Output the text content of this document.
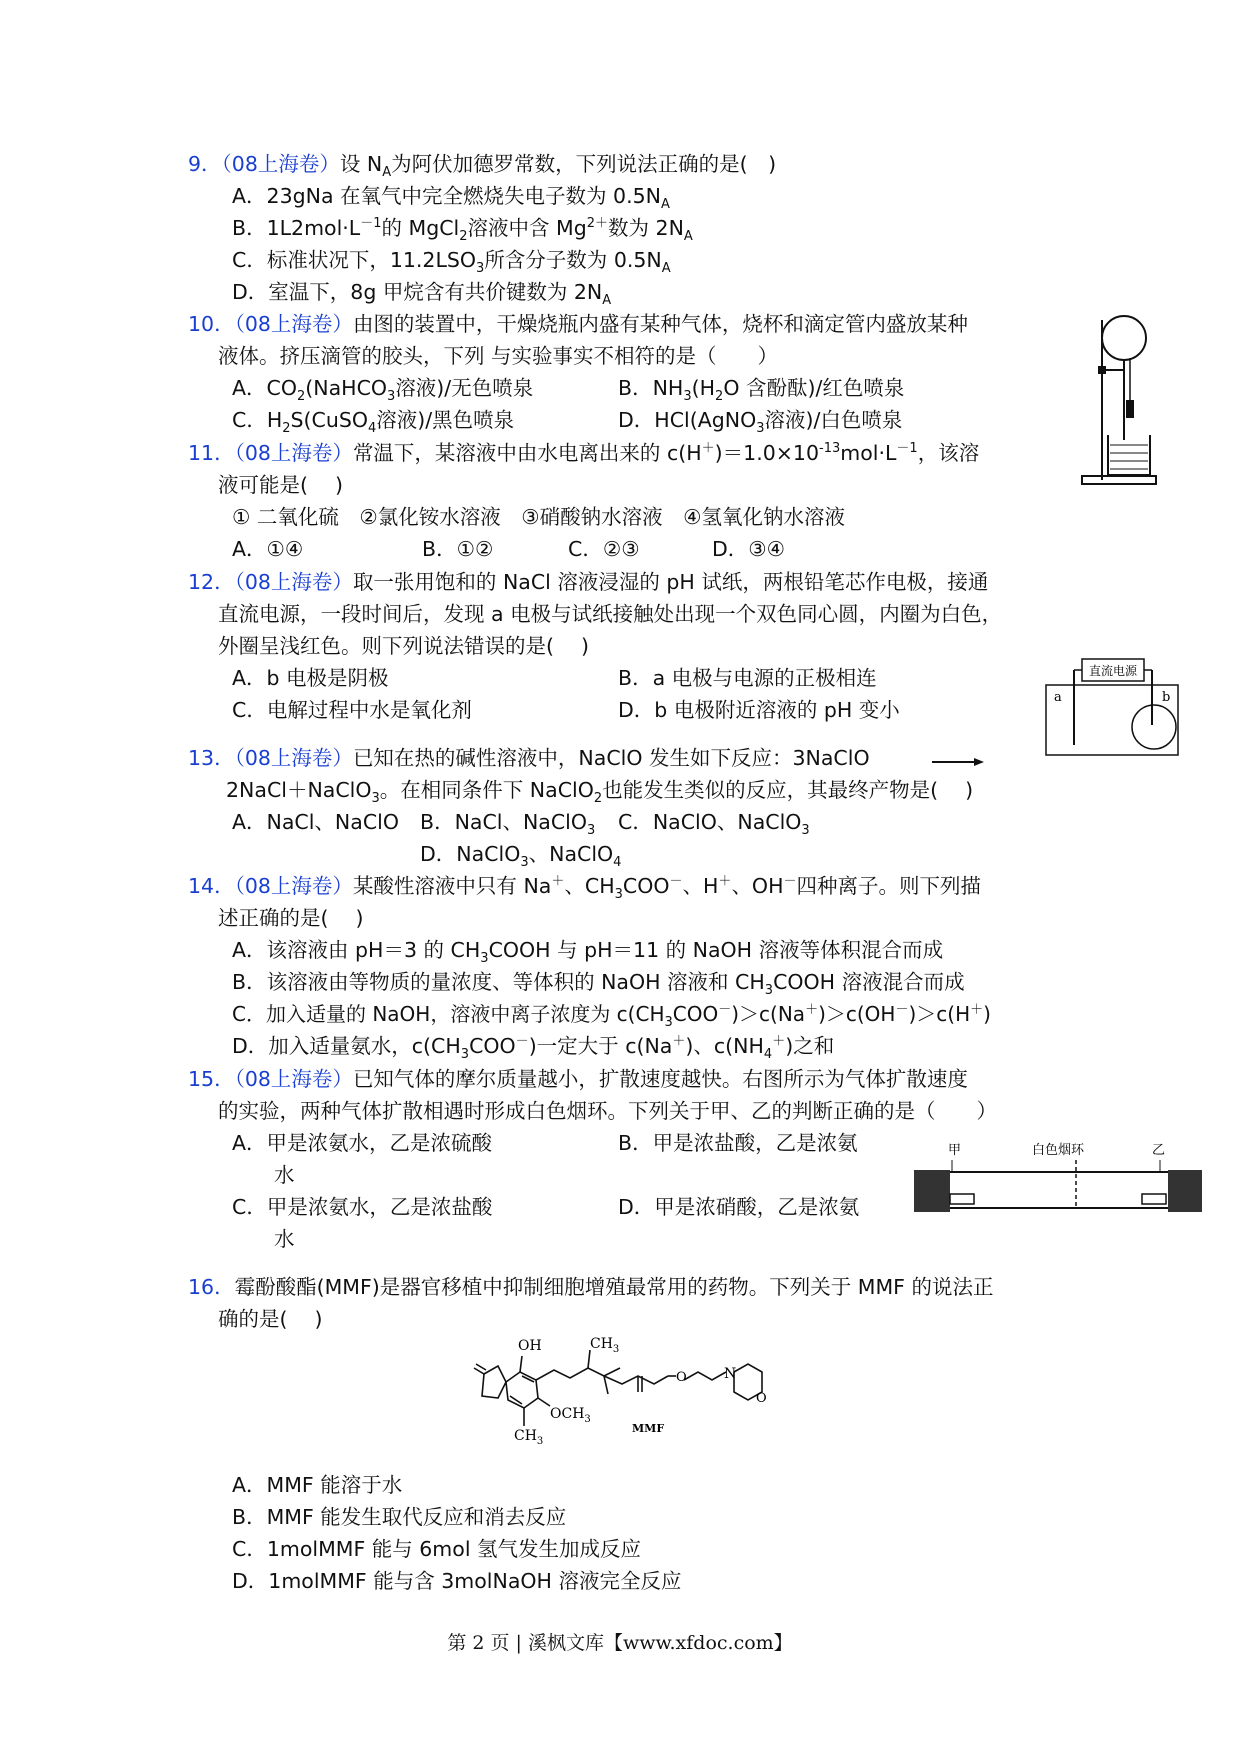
9．（08上海卷）设 $N_A$为阿伏加德罗常数，下列说法正确的是(　)
A．23gNa 在氧气中完全燃烧失电子数为 $0.5N_A$
B．$1L2mol\cdot L^{-1}$的 MgCl$_2$溶液中含 $Mg^{2+}$数为 $2N_A$
C．标准状况下，$11.2LSO_3$所含分子数为 $0.5N_A$
D．室温下，8g 甲烷含有共价键数为 $2N_A$
10．（08上海卷）由图的装置中，干燥烧瓶内盛有某种气体，烧杯和滴定管内盛放某种
液体。挤压滴管的胶头，下列 与实验事实不相符的是（　　）
A．$CO_2(NaHCO_3$溶液)/无色喷泉	B．$NH_3(H_2O$ 含酚酞)/红色喷泉
C．$H_2S(CuSO_4$溶液)/黑色喷泉	D．HCl(AgNO$_3$溶液)/白色喷泉
11．（08上海卷）常温下，某溶液中由水电离出来的 $c(H^+)=1.0\times 10^{-13}mol\cdot L^{-1}$，该溶
液可能是(　 )
① 二氧化硫　②氯化铵水溶液　③硝酸钠水溶液　④氢氧化钠水溶液
A．①④	B．①②	C．②③	D．③④
12．（08上海卷）取一张用饱和的 NaCl 溶液浸湿的 pH 试纸，两根铅笔芯作电极，接通
直流电源，一段时间后，发现 a 电极与试纸接触处出现一个双色同心圆，内圈为白色，
外圈呈浅红色。则下列说法错误的是(　 )
A．b 电极是阴极	B．a 电极与电源的正极相连
C．电解过程中水是氧化剂	D．b 电极附近溶液的 pH 变小
直流电源
a	b
13．（08上海卷）已知在热的碱性溶液中，NaClO 发生如下反应：3NaClO
2NaCl＋NaClO$_3$。在相同条件下 NaClO$_2$也能发生类似的反应，其最终产物是(　 )
A．NaCl、NaClO B．NaCl、NaClO$_3$ C．NaClO、NaClO$_3$
D．NaClO$_3$、NaClO$_4$
14．（08上海卷）某酸性溶液中只有 Na＋、$CH_3COO^-$、H＋、OH－四种离子。则下列描
述正确的是(　 )
A．该溶液由 pH＝3 的 $CH_3COOH$ 与 pH＝11 的 NaOH 溶液等体积混合而成
B．该溶液由等物质的量浓度、等体积的 NaOH 溶液和 $CH_3COOH$ 溶液混合而成
C．加入适量的 NaOH，溶液中离子浓度为 $c(CH_3COO^-)>c(Na^+)>c(OH^-)>c(H^+)$
D．加入适量氨水，$c(CH_3COO^-)$一定大于 c(Na＋)、$c(NH_4^+)$之和
15．（08上海卷）已知气体的摩尔质量越小，扩散速度越快。右图所示为气体扩散速度
的实验，两种气体扩散相遇时形成白色烟环。下列关于甲、乙的判断正确的是（　　）
A．甲是浓氨水，乙是浓硫酸	B．甲是浓盐酸，乙是浓氨
水
C．甲是浓氨水，乙是浓盐酸	D．甲是浓硝酸，乙是浓氨
水
甲	白色烟环	乙
16．霉酚酸酯(MMF)是器官移植中抑制细胞增殖最常用的药物。下列关于 MMF 的说法正
确的是(　 )
OH	$CH_3$
$OCH_3$
$CH_3$
N
O
O
MMF
A．MMF 能溶于水
B．MMF 能发生取代反应和消去反应
C．1molMMF 能与 6mol 氢气发生加成反应
D．1molMMF 能与含 3molNaOH 溶液完全反应
第 2 页 | 溪枫文库【www.xfdoc.com】
